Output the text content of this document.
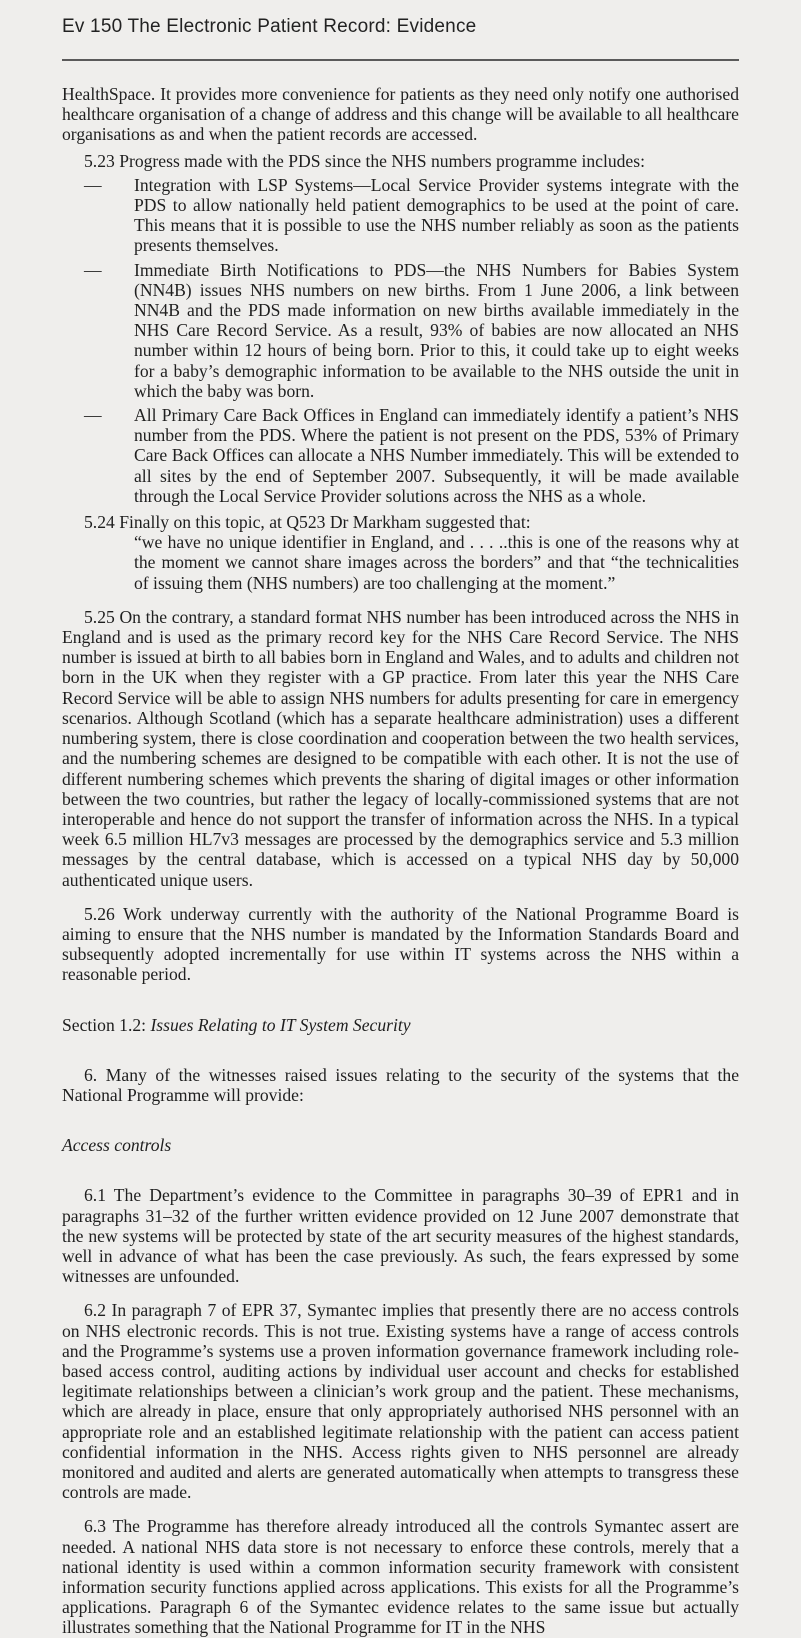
Ev 150 The Electronic Patient Record: Evidence

HealthSpace. It provides more convenience for patients as they need only notify one authorised healthcare organisation of a change of address and this change will be available to all healthcare organisations as and when the patient records are accessed.

5.23 Progress made with the PDS since the NHS numbers programme includes:

—	Integration with LSP Systems—Local Service Provider systems integrate with the PDS to allow nationally held patient demographics to be used at the point of care. This means that it is possible to use the NHS number reliably as soon as the patients presents themselves.
—	Immediate Birth Notifications to PDS—the NHS Numbers for Babies System (NN4B) issues NHS numbers on new births. From 1 June 2006, a link between NN4B and the PDS made information on new births available immediately in the NHS Care Record Service. As a result, 93% of babies are now allocated an NHS number within 12 hours of being born. Prior to this, it could take up to eight weeks for a baby’s demographic information to be available to the NHS outside the unit in which the baby was born.
—	All Primary Care Back Offices in England can immediately identify a patient’s NHS number from the PDS. Where the patient is not present on the PDS, 53% of Primary Care Back Offices can allocate a NHS Number immediately. This will be extended to all sites by the end of September 2007. Subsequently, it will be made available through the Local Service Provider solutions across the NHS as a whole.

5.24 Finally on this topic, at Q523 Dr Markham suggested that:

“we have no unique identifier in England, and . . . ..this is one of the reasons why at the moment we cannot share images across the borders” and that “the technicalities of issuing them (NHS numbers) are too challenging at the moment.”

5.25 On the contrary, a standard format NHS number has been introduced across the NHS in England and is used as the primary record key for the NHS Care Record Service. The NHS number is issued at birth to all babies born in England and Wales, and to adults and children not born in the UK when they register with a GP practice. From later this year the NHS Care Record Service will be able to assign NHS numbers for adults presenting for care in emergency scenarios. Although Scotland (which has a separate healthcare administration) uses a different numbering system, there is close coordination and cooperation between the two health services, and the numbering schemes are designed to be compatible with each other. It is not the use of different numbering schemes which prevents the sharing of digital images or other information between the two countries, but rather the legacy of locally-commissioned systems that are not interoperable and hence do not support the transfer of information across the NHS. In a typical week 6.5 million HL7v3 messages are processed by the demographics service and 5.3 million messages by the central database, which is accessed on a typical NHS day by 50,000 authenticated unique users.

5.26 Work underway currently with the authority of the National Programme Board is aiming to ensure that the NHS number is mandated by the Information Standards Board and subsequently adopted incrementally for use within IT systems across the NHS within a reasonable period.

Section 1.2: Issues Relating to IT System Security

6. Many of the witnesses raised issues relating to the security of the systems that the National Programme will provide:

Access controls

6.1 The Department’s evidence to the Committee in paragraphs 30–39 of EPR1 and in paragraphs 31–32 of the further written evidence provided on 12 June 2007 demonstrate that the new systems will be protected by state of the art security measures of the highest standards, well in advance of what has been the case previously. As such, the fears expressed by some witnesses are unfounded.

6.2 In paragraph 7 of EPR 37, Symantec implies that presently there are no access controls on NHS electronic records. This is not true. Existing systems have a range of access controls and the Programme’s systems use a proven information governance framework including role-based access control, auditing actions by individual user account and checks for established legitimate relationships between a clinician’s work group and the patient. These mechanisms, which are already in place, ensure that only appropriately authorised NHS personnel with an appropriate role and an established legitimate relationship with the patient can access patient confidential information in the NHS. Access rights given to NHS personnel are already monitored and audited and alerts are generated automatically when attempts to transgress these controls are made.

6.3 The Programme has therefore already introduced all the controls Symantec assert are needed. A national NHS data store is not necessary to enforce these controls, merely that a national identity is used within a common information security framework with consistent information security functions applied across applications. This exists for all the Programme’s applications. Paragraph 6 of the Symantec evidence relates to the same issue but actually illustrates something that the National Programme for IT in the NHS
